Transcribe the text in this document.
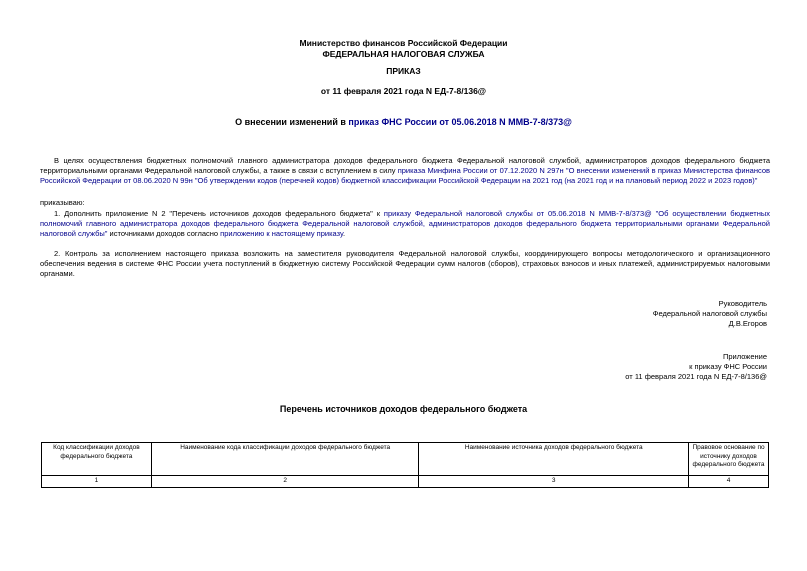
Министерство финансов Российской Федерации
ФЕДЕРАЛЬНАЯ НАЛОГОВАЯ СЛУЖБА
ПРИКАЗ
от 11 февраля 2021 года N ЕД-7-8/136@
О внесении изменений в приказ ФНС России от 05.06.2018 N ММВ-7-8/373@
В целях осуществления бюджетных полномочий главного администратора доходов федерального бюджета Федеральной налоговой службой, администраторов доходов федерального бюджета территориальными органами Федеральной налоговой службы, а также в связи с вступлением в силу приказа Минфина России от 07.12.2020 N 297н "О внесении изменений в приказ Министерства финансов Российской Федерации от 08.06.2020 N 99н "Об утверждении кодов (перечней кодов) бюджетной классификации Российской Федерации на 2021 год (на 2021 год и на плановый период 2022 и 2023 годов)"
приказываю:
1. Дополнить приложение N 2 "Перечень источников доходов федерального бюджета" к приказу Федеральной налоговой службы от 05.06.2018 N ММВ-7-8/373@ "Об осуществлении бюджетных полномочий главного администратора доходов федерального бюджета Федеральной налоговой службой, администраторов доходов федерального бюджета территориальными органами Федеральной налоговой службы" источниками доходов согласно приложению к настоящему приказу.
2. Контроль за исполнением настоящего приказа возложить на заместителя руководителя Федеральной налоговой службы, координирующего вопросы методологического и организационного обеспечения ведения в системе ФНС России учета поступлений в бюджетную систему Российской Федерации сумм налогов (сборов), страховых взносов и иных платежей, администрируемых налоговыми органами.
Руководитель
Федеральной налоговой службы
Д.В.Егоров
Приложение
к приказу ФНС России
от 11 февраля 2021 года N ЕД-7-8/136@
Перечень источников доходов федерального бюджета
Код классификации доходов федерального бюджета	Наименование кода классификации доходов федерального бюджета	Наименование источника доходов федерального бюджета	Правовое основание по источнику доходов федерального бюджета
1	2	3	4
